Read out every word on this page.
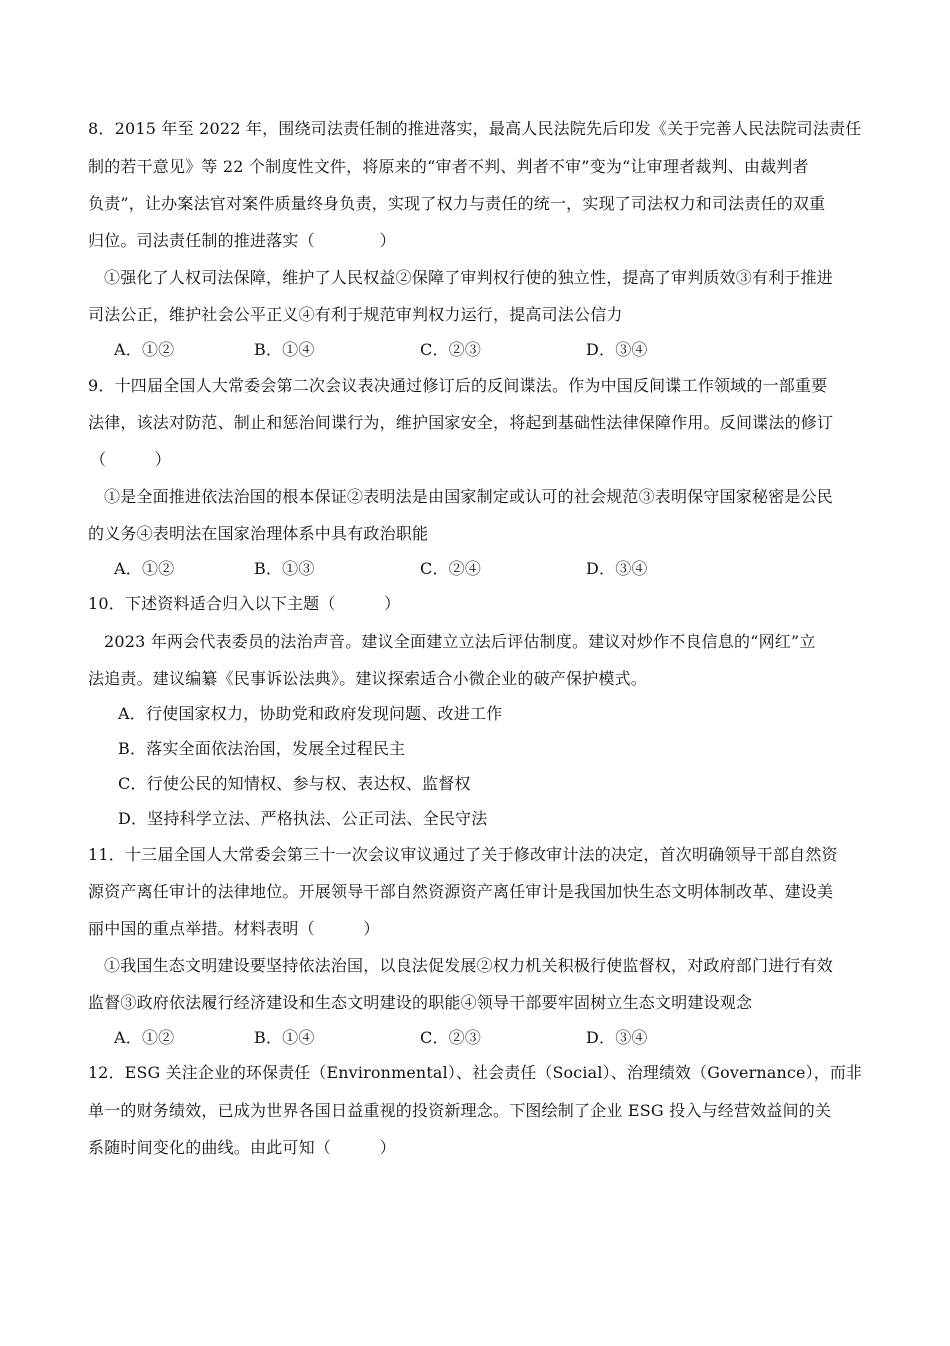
8．2015 年至 2022 年，围绕司法责任制的推进落实，最高人民法院先后印发《关于完善人民法院司法责任
制的若干意见》等 22 个制度性文件，将原来的“审者不判、判者不审”变为“让审理者裁判、由裁判者
负责”，让办案法官对案件质量终身负责，实现了权力与责任的统一，实现了司法权力和司法责任的双重
归位。司法责任制的推进落实（　　　　）
①强化了人权司法保障，维护了人民权益②保障了审判权行使的独立性，提高了审判质效③有利于推进
司法公正，维护社会公平正义④有利于规范审判权力运行，提高司法公信力
A．①②	B．①④	C．②③	D．③④
9．十四届全国人大常委会第二次会议表决通过修订后的反间谍法。作为中国反间谍工作领域的一部重要
法律，该法对防范、制止和惩治间谍行为，维护国家安全，将起到基础性法律保障作用。反间谍法的修订
（　　　）
①是全面推进依法治国的根本保证②表明法是由国家制定或认可的社会规范③表明保守国家秘密是公民
的义务④表明法在国家治理体系中具有政治职能
A．①②	B．①③	C．②④	D．③④
10．下述资料适合归入以下主题（　　　）
2023 年两会代表委员的法治声音。建议全面建立立法后评估制度。建议对炒作不良信息的“网红”立
法追责。建议编纂《民事诉讼法典》。建议探索适合小微企业的破产保护模式。
A．行使国家权力，协助党和政府发现问题、改进工作
B．落实全面依法治国，发展全过程民主
C．行使公民的知情权、参与权、表达权、监督权
D．坚持科学立法、严格执法、公正司法、全民守法
11．十三届全国人大常委会第三十一次会议审议通过了关于修改审计法的决定，首次明确领导干部自然资
源资产离任审计的法律地位。开展领导干部自然资源资产离任审计是我国加快生态文明体制改革、建设美
丽中国的重点举措。材料表明（　　　）
①我国生态文明建设要坚持依法治国，以良法促发展②权力机关积极行使监督权，对政府部门进行有效
监督③政府依法履行经济建设和生态文明建设的职能④领导干部要牢固树立生态文明建设观念
A．①②	B．①④	C．②③	D．③④
12．ESG 关注企业的环保责任（Environmental）、社会责任（Social）、治理绩效（Governance），而非
单一的财务绩效，已成为世界各国日益重视的投资新理念。下图绘制了企业 ESG 投入与经营效益间的关
系随时间变化的曲线。由此可知（　　　）
